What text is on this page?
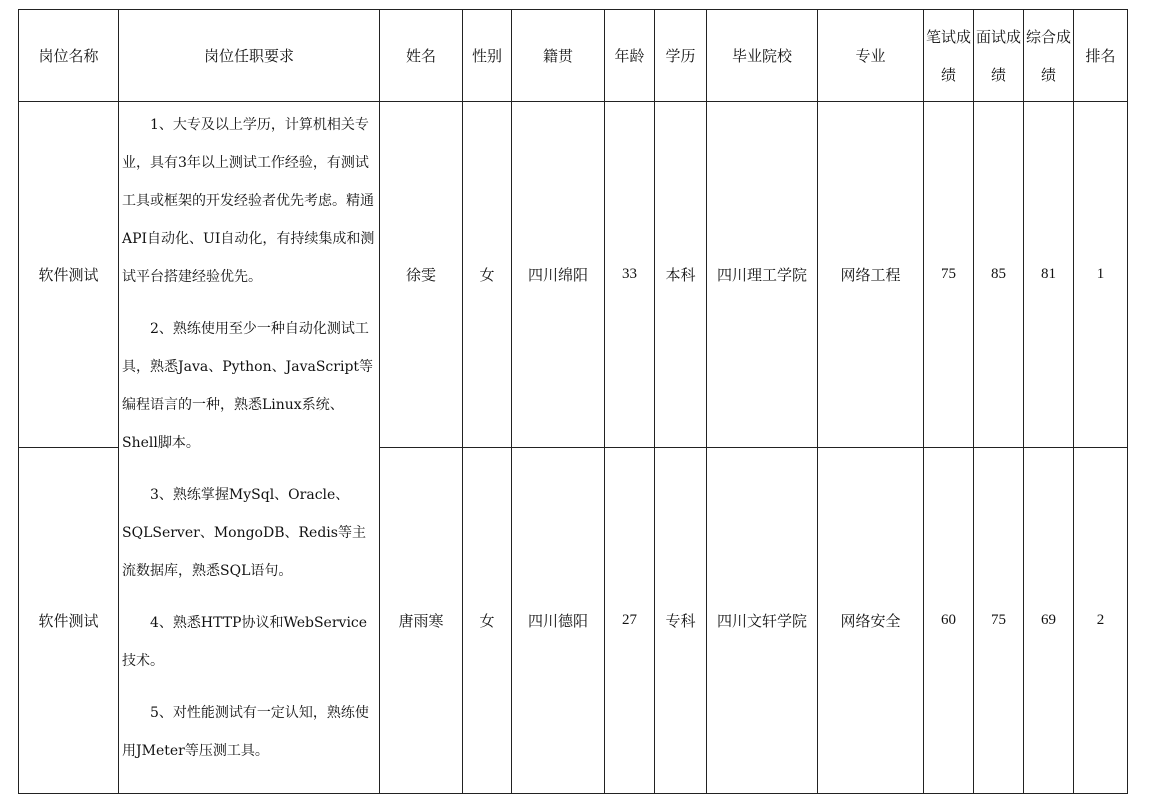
岗位名称	岗位任职要求	姓名	性别	籍贯	年龄	学历	毕业院校	专业	笔试成绩	面试成绩	综合成绩	排名
软件测试	1、大专及以上学历，计算机相关专业，具有3年以上测试工作经验，有测试工具或框架的开发经验者优先考虑。精通API自动化、UI自动化，有持续集成和测试平台搭建经验优先。

2、熟练使用至少一种自动化测试工具，熟悉Java、Python、JavaScript等编程语言的一种，熟悉Linux系统、Shell脚本。

3、熟练掌握MySql、Oracle、SQLServer、MongoDB、Redis等主流数据库，熟悉SQL语句。

4、熟悉HTTP协议和WebService技术。

5、对性能测试有一定认知，熟练使用JMeter等压测工具。	徐雯	女	四川绵阳	33	本科	四川理工学院	网络工程	75	85	81	1
软件测试		唐雨寒	女	四川德阳	27	专科	四川文轩学院	网络安全	60	75	69	2
